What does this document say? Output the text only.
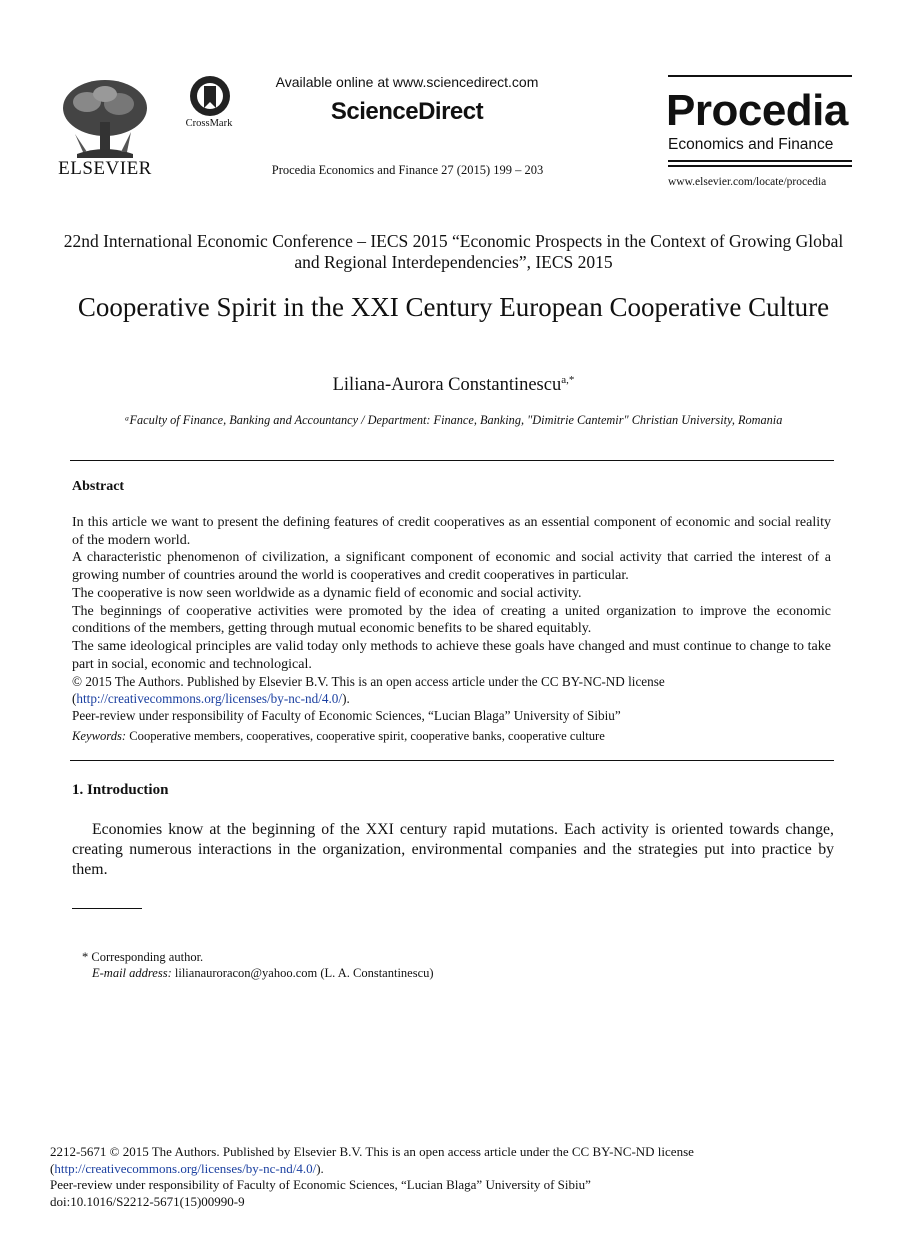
ELSEVIER
CrossMark
Available online at www.sciencedirect.com
ScienceDirect
Procedia Economics and Finance 27 (2015) 199 – 203
Procedia
Economics and Finance
www.elsevier.com/locate/procedia
22nd International Economic Conference – IECS 2015 “Economic Prospects in the Context of Growing Global and Regional Interdependencies”, IECS 2015
Cooperative Spirit in the XXI Century European Cooperative Culture
Liliana-Aurora Constantinescu$^{a,*}$
ᵃFaculty of Finance, Banking and Accountancy / Department: Finance, Banking, "Dimitrie Cantemir" Christian University, Romania
Abstract

In this article we want to present the defining features of credit cooperatives as an essential component of economic and social reality of the modern world.

A characteristic phenomenon of civilization, a significant component of economic and social activity that carried the interest of a growing number of countries around the world is cooperatives and credit cooperatives in particular.

The cooperative is now seen worldwide as a dynamic field of economic and social activity.

The beginnings of cooperative activities were promoted by the idea of creating a united organization to improve the economic conditions of the members, getting through mutual economic benefits to be shared equitably.

The same ideological principles are valid today only methods to achieve these goals have changed and must continue to change to take part in social, economic and technological.

© 2015 The Authors. Published by Elsevier B.V. This is an open access article under the CC BY-NC-ND license

(http://creativecommons.org/licenses/by-nc-nd/4.0/).

Peer-review under responsibility of Faculty of Economic Sciences, “Lucian Blaga” University of Sibiu”

Keywords: Cooperative members, cooperatives, cooperative spirit, cooperative banks, cooperative culture
1. Introduction
Economies know at the beginning of the XXI century rapid mutations. Each activity is oriented towards change, creating numerous interactions in the organization, environmental companies and the strategies put into practice by them.
* Corresponding author.
E-mail address: lilianauroracon@yahoo.com (L. A. Constantinescu)

2212-5671 © 2015 The Authors. Published by Elsevier B.V. This is an open access article under the CC BY-NC-ND license

(http://creativecommons.org/licenses/by-nc-nd/4.0/).

Peer-review under responsibility of Faculty of Economic Sciences, “Lucian Blaga” University of Sibiu”

doi:10.1016/S2212-5671(15)00990-9
